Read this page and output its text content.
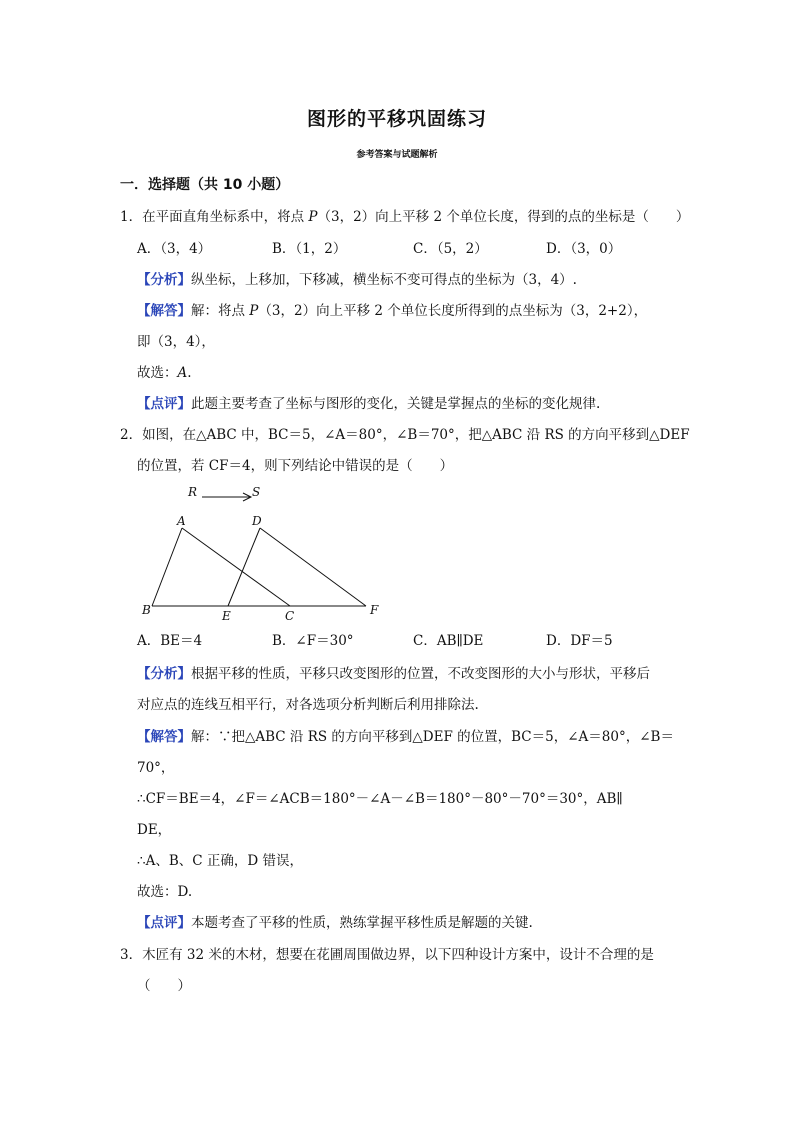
图形的平移巩固练习
参考答案与试题解析
一．选择题（共 10 小题）
1．在平面直角坐标系中，将点 P（3，2）向上平移 2 个单位长度，得到的点的坐标是（　　）
A．（3，4）	B．（1，2）	C．（5，2）	D．（3，0）
【分析】纵坐标，上移加，下移减，横坐标不变可得点的坐标为（3，4）.
【解答】解：将点 P（3，2）向上平移 2 个单位长度所得到的点坐标为（3，2+2），
即（3，4），
故选：A.
【点评】此题主要考查了坐标与图形的变化，关键是掌握点的坐标的变化规律.
2．如图，在△ABC 中，BC＝5，∠A＝80°，∠B＝70°，把△ABC 沿 RS 的方向平移到△DEF
的位置，若 CF＝4，则下列结论中错误的是（　　）
R	S
A	D
B	E	C	F
A．BE＝4	B．∠F＝30°	C．AB∥DE	D．DF＝5
【分析】根据平移的性质，平移只改变图形的位置，不改变图形的大小与形状，平移后
对应点的连线互相平行，对各选项分析判断后利用排除法.
【解答】解：∵把△ABC 沿 RS 的方向平移到△DEF 的位置，BC＝5，∠A＝80°，∠B＝
70°，
∴CF＝BE＝4，∠F＝∠ACB＝180°－∠A－∠B＝180°－80°－70°＝30°，AB∥
DE，
∴A、B、C 正确，D 错误，
故选：D.
【点评】本题考查了平移的性质，熟练掌握平移性质是解题的关键.
3．木匠有 32 米的木材，想要在花圃周围做边界，以下四种设计方案中，设计不合理的是
（　　）
